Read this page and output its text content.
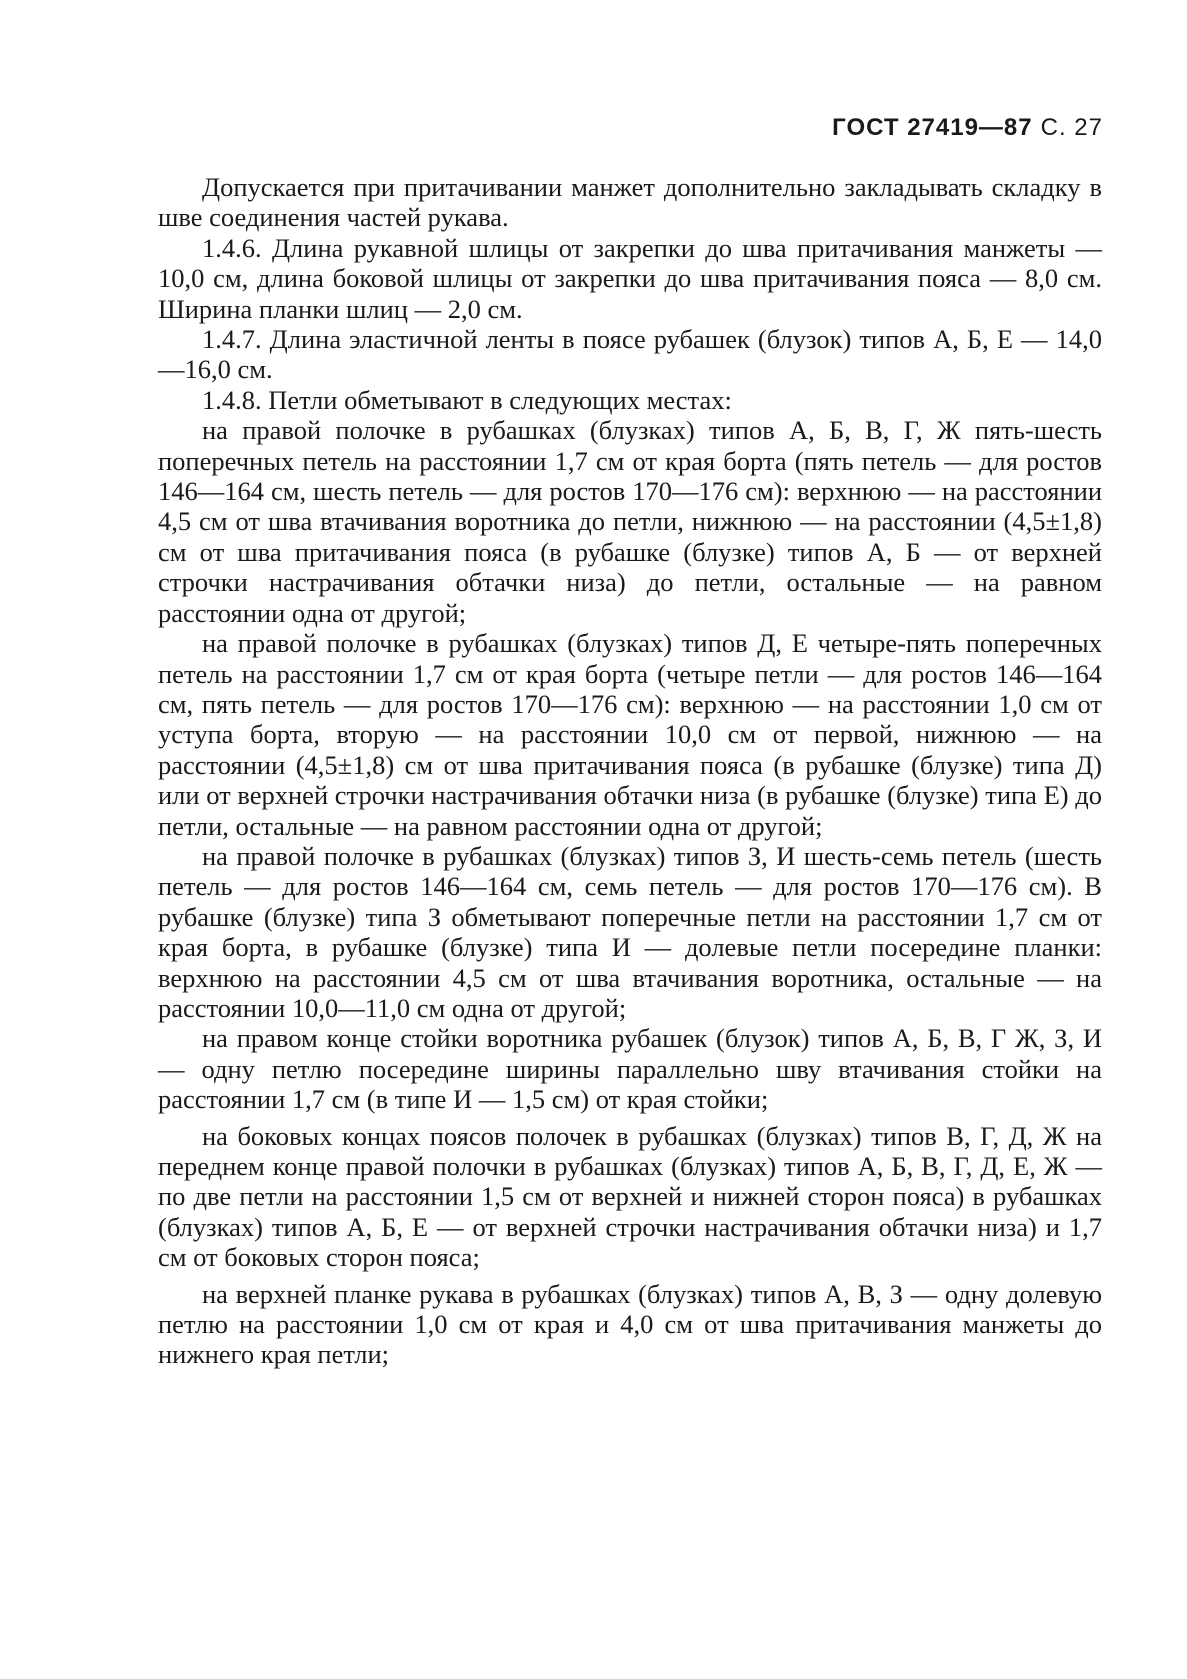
ГОСТ 27419—87 С. 27

Допускается при притачивании манжет дополнительно закладывать складку в шве соединения частей рукава.

1.4.6. Длина рукавной шлицы от закрепки до шва притачивания манжеты — 10,0 см, длина боковой шлицы от закрепки до шва притачивания пояса — 8,0 см. Ширина планки шлиц — 2,0 см.

1.4.7. Длина эластичной ленты в поясе рубашек (блузок) типов А, Б, Е — 14,0—16,0 см.

1.4.8. Петли обметывают в следующих местах:

на правой полочке в рубашках (блузках) типов А, Б, В, Г, Ж пять-шесть поперечных петель на расстоянии 1,7 см от края борта (пять петель — для ростов 146—164 см, шесть петель — для ростов 170—176 см): верхнюю — на расстоянии 4,5 см от шва втачивания воротника до петли, нижнюю — на расстоянии (4,5±1,8) см от шва притачивания пояса (в рубашке (блузке) типов А, Б — от верхней строчки настрачивания обтачки низа) до петли, остальные — на равном расстоянии одна от другой;

на правой полочке в рубашках (блузках) типов Д, Е четыре-пять поперечных петель на расстоянии 1,7 см от края борта (четыре петли — для ростов 146—164 см, пять петель — для ростов 170—176 см): верхнюю — на расстоянии 1,0 см от уступа борта, вторую — на расстоянии 10,0 см от первой, нижнюю — на расстоянии (4,5±1,8) см от шва притачивания пояса (в рубашке (блузке) типа Д) или от верхней строчки настрачивания обтачки низа (в рубашке (блузке) типа Е) до петли, остальные — на равном расстоянии одна от другой;

на правой полочке в рубашках (блузках) типов З, И шесть-семь петель (шесть петель — для ростов 146—164 см, семь петель — для ростов 170—176 см). В рубашке (блузке) типа З обметывают поперечные петли на расстоянии 1,7 см от края борта, в рубашке (блузке) типа И — долевые петли посередине планки: верхнюю на расстоянии 4,5 см от шва втачивания воротника, остальные — на расстоянии 10,0—11,0 см одна от другой;

на правом конце стойки воротника рубашек (блузок) типов А, Б, В, Г Ж, З, И — одну петлю посередине ширины параллельно шву втачивания стойки на расстоянии 1,7 см (в типе И — 1,5 см) от края стойки;

на боковых концах поясов полочек в рубашках (блузках) типов В, Г, Д, Ж на переднем конце правой полочки в рубашках (блузках) типов А, Б, В, Г, Д, Е, Ж — по две петли на расстоянии 1,5 см от верхней и нижней сторон пояса) в рубашках (блузках) типов А, Б, Е — от верхней строчки настрачивания обтачки низа) и 1,7 см от боковых сторон пояса;

на верхней планке рукава в рубашках (блузках) типов А, В, З — одну долевую петлю на расстоянии 1,0 см от края и 4,0 см от шва притачивания манжеты до нижнего края петли;
